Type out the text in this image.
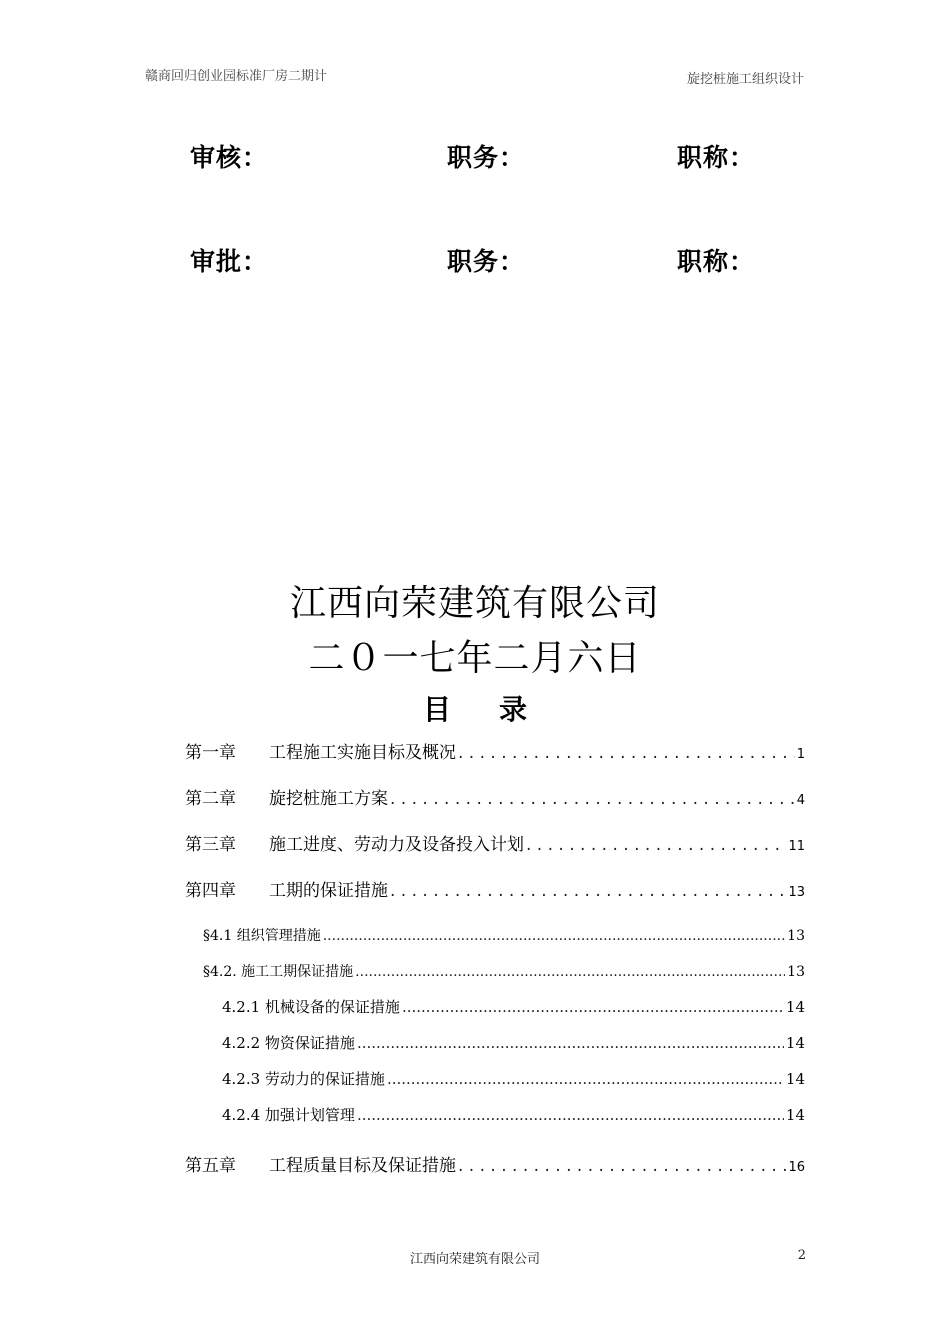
赣商回归创业园标准厂房二期计	旋挖桩施工组织设计
审核：	职务：	职称：
审批：	职务：	职称：
江西向荣建筑有限公司
二０一七年二月六日
目 录
第一章	工程施工实施目标及概况 . . .	1
第二章	旋挖桩施工方案 . . .	4
第三章	施工进度、劳动力及设备投入计划 . . .	11
第四章	工期的保证措施 . . .	13
§4.1 组织管理措施 .....	13
§4.2. 施工工期保证措施 .....	13
4.2.1 机械设备的保证措施 .....	14
4.2.2 物资保证措施 .....	14
4.2.3 劳动力的保证措施 .....	14
4.2.4 加强计划管理 .....	14
第五章	工程质量目标及保证措施 . . .	16
江西向荣建筑有限公司	2
